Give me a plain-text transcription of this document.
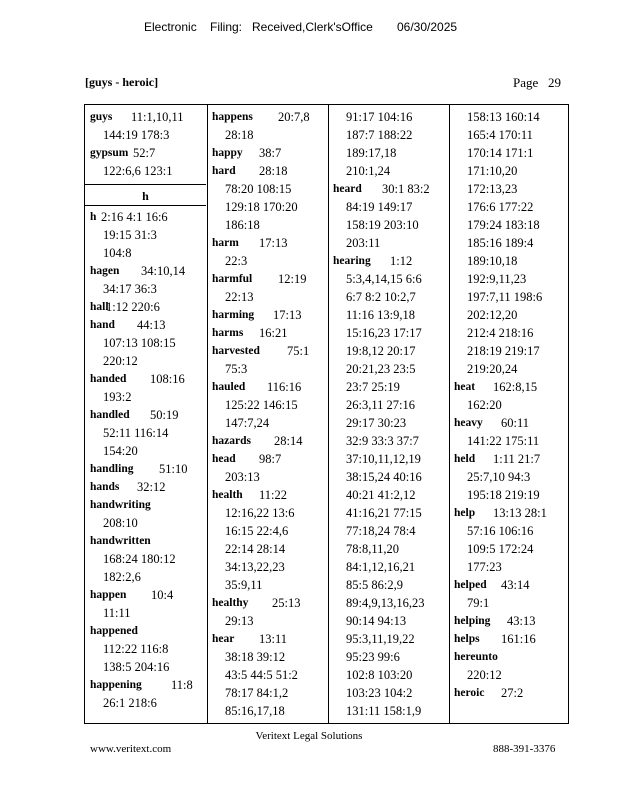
Electronic Filing: Received,Clerk'sOffice 06/30/2025
[guys - heroic]	Page 29
guys 11:1,10,11
144:19 178:3
gypsum 52:7
122:6,6 123:1
h
h 2:16 4:1 16:6
19:15 31:3
104:8
hagen 34:10,14
34:17 36:3
hall
1:12 220:6
hand 44:13
107:13 108:15
220:12
handed 108:16
193:2
handled 50:19
52:11 116:14
154:20
handling 51:10
hands 32:12
handwriting
208:10
handwritten
168:24 180:12
182:2,6
happen 10:4
11:11
happened
112:22 116:8
138:5 204:16
happening 11:8
26:1 218:6
happens 20:7,8
28:18
happy 38:7
hard 28:18
78:20 108:15
129:18 170:20
186:18
harm 17:13
22:3
harmful 12:19
22:13
harming 17:13
harms 16:21
harvested 75:1
75:3
hauled 116:16
125:22 146:15
147:7,24
hazards 28:14
head 98:7
203:13
health 11:22
12:16,22 13:6
16:15 22:4,6
22:14 28:14
34:13,22,23
35:9,11
healthy 25:13
29:13
hear 13:11
38:18 39:12
43:5 44:5 51:2
78:17 84:1,2
85:16,17,18
91:17 104:16
187:7 188:22
189:17,18
210:1,24
heard 30:1 83:2
84:19 149:17
158:19 203:10
203:11
hearing 1:12
5:3,4,14,15 6:6
6:7 8:2 10:2,7
11:16 13:9,18
15:16,23 17:17
19:8,12 20:17
20:21,23 23:5
23:7 25:19
26:3,11 27:16
29:17 30:23
32:9 33:3 37:7
37:10,11,12,19
38:15,24 40:16
40:21 41:2,12
41:16,21 77:15
77:18,24 78:4
78:8,11,20
84:1,12,16,21
85:5 86:2,9
89:4,9,13,16,23
90:14 94:13
95:3,11,19,22
95:23 99:6
102:8 103:20
103:23 104:2
131:11 158:1,9
158:13 160:14
165:4 170:11
170:14 171:1
171:10,20
172:13,23
176:6 177:22
179:24 183:18
185:16 189:4
189:10,18
192:9,11,23
197:7,11 198:6
202:12,20
212:4 218:16
218:19 219:17
219:20,24
heat 162:8,15
162:20
heavy 60:11
141:22 175:11
held 1:11 21:7
25:7,10 94:3
195:18 219:19
help 13:13 28:1
57:16 106:16
109:5 172:24
177:23
helped 43:14
79:1
helping 43:13
helps 161:16
hereunto
220:12
heroic 27:2
www.veritext.com
Veritext Legal Solutions
888-391-3376
